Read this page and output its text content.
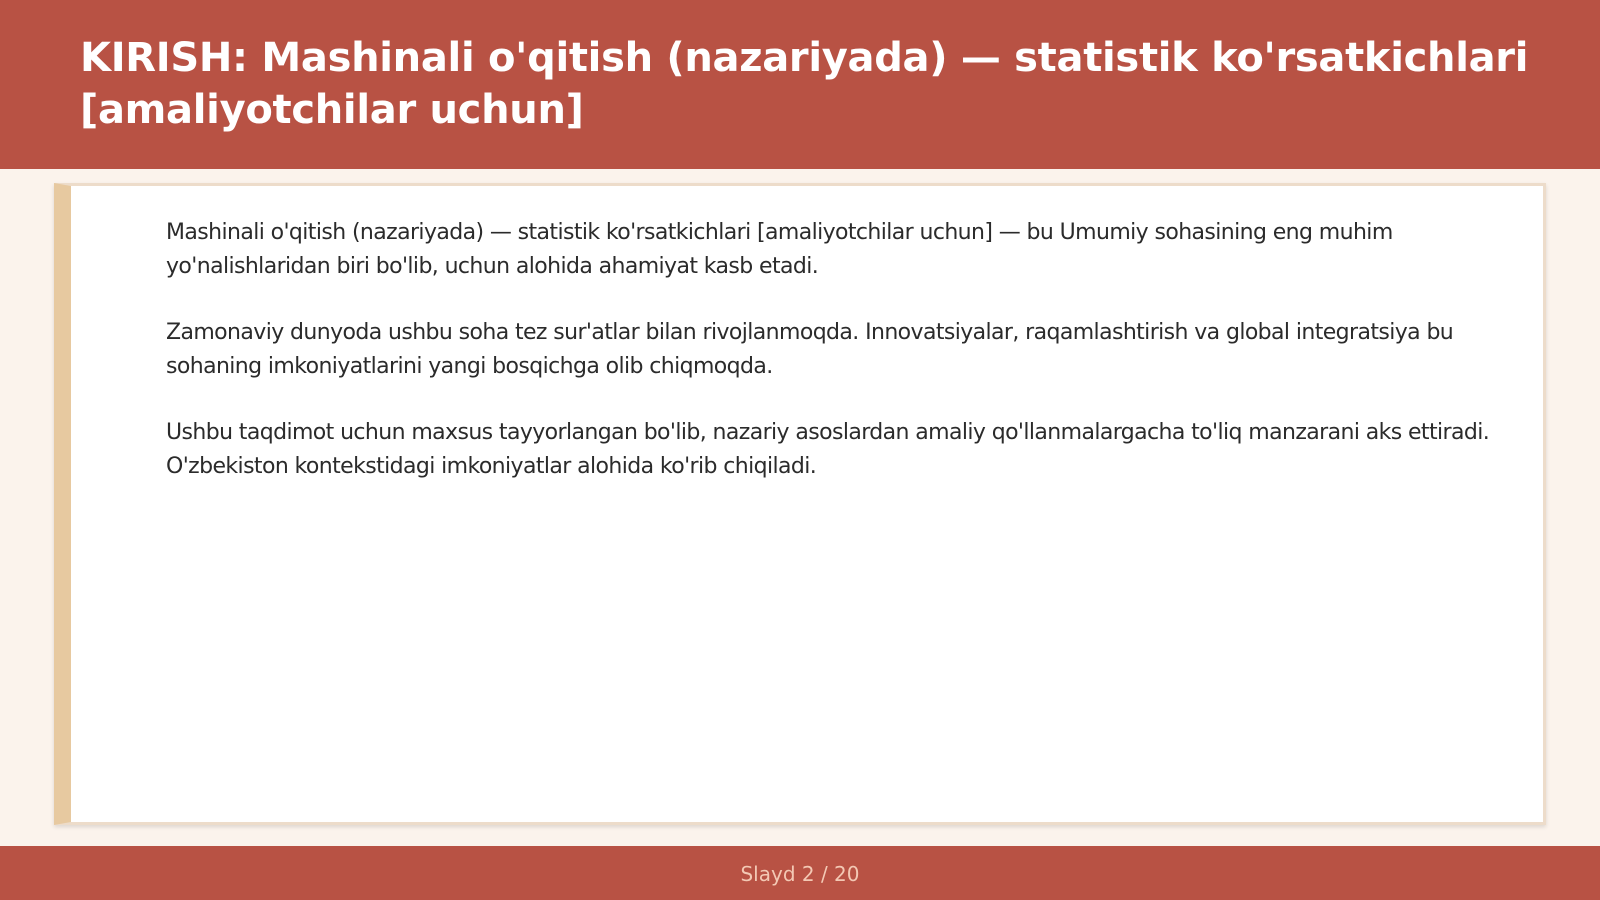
KIRISH: Mashinali o'qitish (nazariyada) — statistik ko'rsatkichlari [amaliyotchilar uchun]

Mashinali o'qitish (nazariyada) — statistik ko'rsatkichlari [amaliyotchilar uchun] — bu Umumiy sohasining eng muhim yo'nalishlaridan biri bo'lib, uchun alohida ahamiyat kasb etadi.

Zamonaviy dunyoda ushbu soha tez sur'atlar bilan rivojlanmoqda. Innovatsiyalar, raqamlashtirish va global integratsiya bu sohaning imkoniyatlarini yangi bosqichga olib chiqmoqda.

Ushbu taqdimot uchun maxsus tayyorlangan bo'lib, nazariy asoslardan amaliy qo'llanmalargacha to'liq manzarani aks ettiradi. O'zbekiston kontekstidagi imkoniyatlar alohida ko'rib chiqiladi.

Slayd 2 / 20
